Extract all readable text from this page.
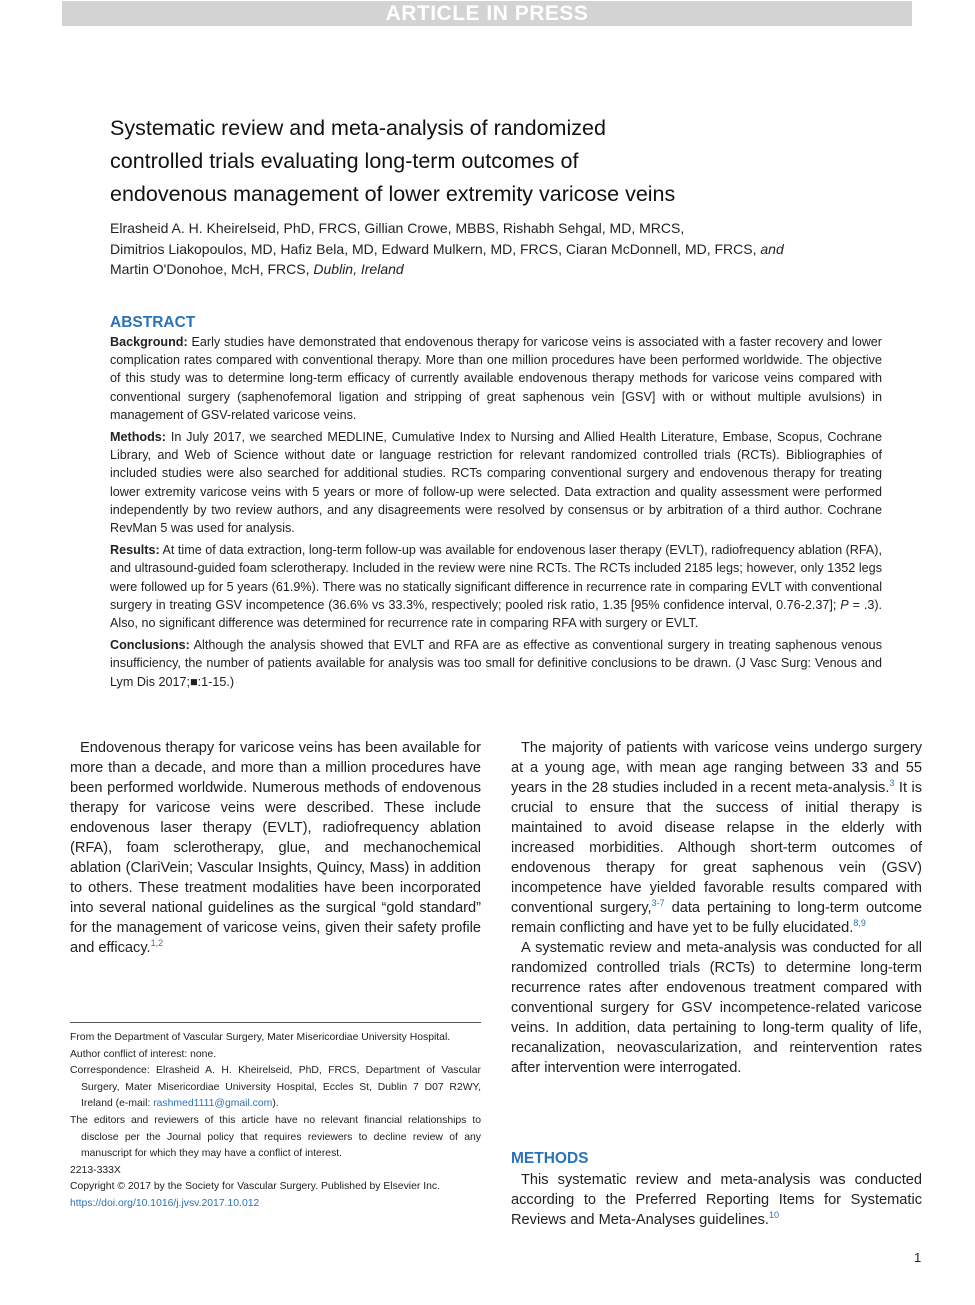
ARTICLE IN PRESS
Systematic review and meta-analysis of randomized
controlled trials evaluating long-term outcomes of
endovenous management of lower extremity varicose veins
Elrasheid A. H. Kheirelseid, PhD, FRCS, Gillian Crowe, MBBS, Rishabh Sehgal, MD, MRCS,
Dimitrios Liakopoulos, MD, Hafiz Bela, MD, Edward Mulkern, MD, FRCS, Ciaran McDonnell, MD, FRCS, and
Martin O'Donohoe, McH, FRCS, Dublin, Ireland
ABSTRACT

Background: Early studies have demonstrated that endovenous therapy for varicose veins is associated with a faster recovery and lower complication rates compared with conventional therapy. More than one million procedures have been performed worldwide. The objective of this study was to determine long-term efficacy of currently available endovenous therapy methods for varicose veins compared with conventional surgery (saphenofemoral ligation and stripping of great saphenous vein [GSV] with or without multiple avulsions) in management of GSV-related varicose veins.

Methods: In July 2017, we searched MEDLINE, Cumulative Index to Nursing and Allied Health Literature, Embase, Scopus, Cochrane Library, and Web of Science without date or language restriction for relevant randomized controlled trials (RCTs). Bibliographies of included studies were also searched for additional studies. RCTs comparing conventional surgery and endovenous therapy for treating lower extremity varicose veins with 5 years or more of follow-up were selected. Data extraction and quality assessment were performed independently by two review authors, and any disagreements were resolved by consensus or by arbitration of a third author. Cochrane RevMan 5 was used for analysis.

Results: At time of data extraction, long-term follow-up was available for endovenous laser therapy (EVLT), radiofrequency ablation (RFA), and ultrasound-guided foam sclerotherapy. Included in the review were nine RCTs. The RCTs included 2185 legs; however, only 1352 legs were followed up for 5 years (61.9%). There was no statically significant difference in recurrence rate in comparing EVLT with conventional surgery in treating GSV incompetence (36.6% vs 33.3%, respectively; pooled risk ratio, 1.35 [95% confidence interval, 0.76-2.37]; P = .3). Also, no significant difference was determined for recurrence rate in comparing RFA with surgery or EVLT.

Conclusions: Although the analysis showed that EVLT and RFA are as effective as conventional surgery in treating saphenous venous insufficiency, the number of patients available for analysis was too small for definitive conclusions to be drawn. (J Vasc Surg: Venous and Lym Dis 2017;■:1-15.)

Endovenous therapy for varicose veins has been available for more than a decade, and more than a million procedures have been performed worldwide. Numerous methods of endovenous therapy for varicose veins were described. These include endovenous laser therapy (EVLT), radiofrequency ablation (RFA), foam sclerotherapy, glue, and mechanochemical ablation (ClariVein; Vascular Insights, Quincy, Mass) in addition to others. These treatment modalities have been incorporated into several national guidelines as the surgical “gold standard” for the management of varicose veins, given their safety profile and efficacy.$^{1,2}$

From the Department of Vascular Surgery, Mater Misericordiae University Hospital.
Author conflict of interest: none.
Correspondence: Elrasheid A. H. Kheirelseid, PhD, FRCS, Department of Vascular Surgery, Mater Misericordiae University Hospital, Eccles St, Dublin 7 D07 R2WY, Ireland (e-mail: rashmed1111@gmail.com).
The editors and reviewers of this article have no relevant financial relationships to disclose per the Journal policy that requires reviewers to decline review of any manuscript for which they may have a conflict of interest.
2213-333X
Copyright © 2017 by the Society for Vascular Surgery. Published by Elsevier Inc.
https://doi.org/10.1016/j.jvsv.2017.10.012

The majority of patients with varicose veins undergo surgery at a young age, with mean age ranging between 33 and 55 years in the 28 studies included in a recent meta-analysis.$^3$ It is crucial to ensure that the success of initial therapy is maintained to avoid disease relapse in the elderly with increased morbidities. Although short-term outcomes of endovenous therapy for great saphenous vein (GSV) incompetence have yielded favorable results compared with conventional surgery,$^{3-7}$ data pertaining to long-term outcome remain conflicting and have yet to be fully elucidated.$^{8,9}$

A systematic review and meta-analysis was conducted for all randomized controlled trials (RCTs) to determine long-term recurrence rates after endovenous treatment compared with conventional surgery for GSV incompetence-related varicose veins. In addition, data pertaining to long-term quality of life, recanalization, neovascularization, and reintervention rates after intervention were interrogated.

METHODS

This systematic review and meta-analysis was conducted according to the Preferred Reporting Items for Systematic Reviews and Meta-Analyses guidelines.$^{10}$

1
